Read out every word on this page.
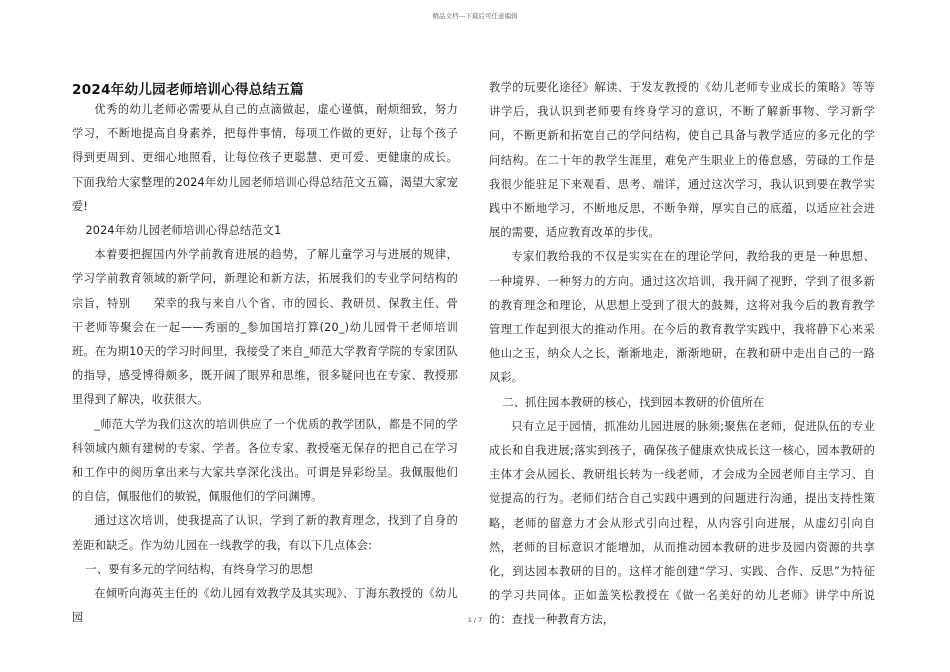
精品文档---下载后可任意编辑
2024年幼儿园老师培训心得总结五篇

优秀的幼儿老师必需要从自己的点滴做起，虚心谨慎，耐烦细致，努力学习，不断地提高自身素养，把每件事情，每项工作做的更好，让每个孩子得到更周到、更细心地照看，让每位孩子更聪慧、更可爱、更健康的成长。下面我给大家整理的2024年幼儿园老师培训心得总结范文五篇，渴望大家宠爱!

2024年幼儿园老师培训心得总结范文1

本着要把握国内外学前教育进展的趋势，了解儿童学习与进展的规律，学习学前教育领域的新学问，新理论和新方法，拓展我们的专业学问结构的宗旨，特别　　荣幸的我与来自八个省、市的园长、教研员、保教主任、骨干老师等聚会在一起——秀丽的_参加国培打算(20_)幼儿园骨干老师培训班。在为期10天的学习时间里，我接受了来自_师范大学教育学院的专家团队的指导，感受博得颇多，既开阔了眼界和思维，很多疑问也在专家、教授那里得到了解决，收获很大。

_师范大学为我们这次的培训供应了一个优质的教学团队，都是不同的学科领域内颇有建树的专家、学者。各位专家、教授毫无保存的把自己在学习和工作中的阅历拿出来与大家共享深化浅出。可谓是异彩纷呈。我佩服他们的自信，佩服他们的敏锐，佩服他们的学问渊博。

通过这次培训，使我提高了认识，学到了新的教育理念，找到了自身的差距和缺乏。作为幼儿园在一线教学的我，有以下几点体会:

一、要有多元的学问结构，有终身学习的思想

在倾听向海英主任的《幼儿园有效教学及其实现》、丁海东教授的《幼儿园

教学的玩要化途径》解读、于发友教授的《幼儿老师专业成长的策略》等等讲学后，我认识到老师要有终身学习的意识，不断了解新事物、学习新学问，不断更新和拓宽自己的学问结构，使自己具备与教学适应的多元化的学问结构。在二十年的教学生涯里，难免产生职业上的倦怠感，劳碌的工作是我很少能驻足下来观看、思考、端详，通过这次学习，我认识到要在教学实践中不断地学习，不断地反思，不断争辩，厚实自己的底蕴，以适应社会进展的需要，适应教育改革的步伐。

专家们教给我的不仅是实实在在的理论学问，教给我的更是一种思想、一种境界、一种努力的方向。通过这次培训，我开阔了视野，学到了很多新的教育理念和理论，从思想上受到了很大的鼓舞，这将对我今后的教育教学管理工作起到很大的推动作用。在今后的教育教学实践中，我将静下心来采他山之玉，纳众人之长，渐渐地走，渐渐地研，在教和研中走出自己的一路风彩。

二、抓住园本教研的核心，找到园本教研的价值所在

只有立足于园情，抓准幼儿园进展的脉须;聚焦在老师，促进队伍的专业成长和自我进展;落实到孩子，确保孩子健康欢快成长这一核心，园本教研的主体才会从园长、教研组长转为一线老师，才会成为全园老师自主学习、自觉提高的行为。老师们结合自己实践中遇到的问题进行沟通，提出支持性策略，老师的留意力才会从形式引向过程，从内容引向进展，从虚幻引向自然，老师的目标意识才能增加，从而推动园本教研的进步及园内资源的共享化，到达园本教研的目的。这样才能创建“学习、实践、合作、反思”为特征的学习共同体。正如盖笑松教授在《做一名美好的幼儿老师》讲学中所说的：查找一种教育方法，

1 / 7
